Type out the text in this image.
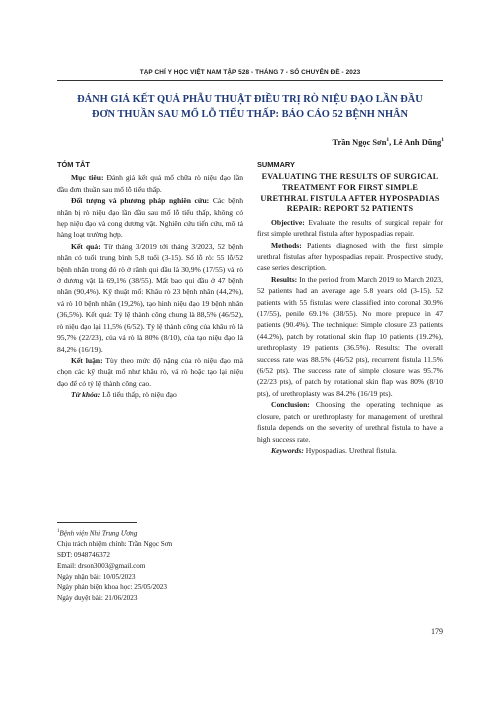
TẠP CHÍ Y HỌC VIỆT NAM TẬP 528 - THÁNG 7 - SỐ CHUYÊN ĐỀ - 2023
ĐÁNH GIÁ KẾT QUẢ PHẪU THUẬT ĐIỀU TRỊ RÒ NIỆU ĐẠO LẦN ĐẦU
ĐƠN THUẦN SAU MỔ LỖ TIỂU THẤP: BÁO CÁO 52 BỆNH NHÂN
Trần Ngọc Sơn$^1$, Lê Anh Dũng$^1$
TÓM TẮT

Mục tiêu: Đánh giá kết quả mổ chữa rò niệu đạo lần đầu đơn thuần sau mổ lỗ tiểu thấp.

Đối tượng và phương pháp nghiên cứu: Các bệnh nhân bị rò niệu đạo lần đầu sau mổ lỗ tiểu thấp, không có hẹp niệu đạo và cong dương vật. Nghiên cứu tiến cứu, mô tả hàng loạt trường hợp.

Kết quả: Từ tháng 3/2019 tới tháng 3/2023, 52 bệnh nhân có tuổi trung bình 5,8 tuổi (3-15). Số lỗ rò: 55 lỗ/52 bệnh nhân trong đó rò ở rãnh qui đầu là 30,9% (17/55) và rò ở dương vật là 69,1% (38/55). Mất bao qui đầu ở 47 bệnh nhân (90,4%). Kỹ thuật mổ: Khâu rò 23 bệnh nhân (44,2%), vá rò 10 bệnh nhân (19,2%), tạo hình niệu đạo 19 bệnh nhân (36,5%). Kết quả: Tỷ lệ thành công chung là 88,5% (46/52), rò niệu đạo lại 11,5% (6/52). Tỷ lệ thành công của khâu rò là 95,7% (22/23), của vá rò là 80% (8/10), của tạo niệu đạo là 84,2% (16/19).

Kết luận: Tùy theo mức độ nặng của rò niệu đạo mà chọn các kỹ thuật mổ như khâu rò, vá rò hoặc tạo lại niệu đạo để có tỷ lệ thành công cao.

Từ khóa: Lỗ tiểu thấp, rò niệu đạo

SUMMARY
EVALUATING THE RESULTS OF SURGICAL TREATMENT FOR FIRST SIMPLE URETHRAL FISTULA AFTER HYPOSPADIAS REPAIR: REPORT 52 PATIENTS

Objective: Evaluate the results of surgical repair for first simple urethral fistula after hypospadias repair.

Methods: Patients diagnosed with the first simple urethral fistulas after hypospadias repair. Prospective study, case series description.

Results: In the period from March 2019 to March 2023, 52 patients had an average age 5.8 years old (3-15). 52 patients with 55 fistulas were classified into coronal 30.9% (17/55), penile 69.1% (38/55). No more prepuce in 47 patients (90.4%). The technique: Simple closure 23 patients (44.2%), patch by rotational skin flap 10 patients (19.2%), urethroplasty 19 patients (36.5%). Results: The overall success rate was 88.5% (46/52 pts), recurrent fistula 11.5% (6/52 pts). The success rate of simple closure was 95.7% (22/23 pts), of patch by rotational skin flap was 80% (8/10 pts), of urethroplasty was 84.2% (16/19 pts).

Conclusion: Choosing the operating technique as closure, patch or urethroplasty for management of urethral fistula depends on the severity of urethral fistula to have a high success rate.

Keywords: Hypospadias. Urethral fistula.

$^1$Bệnh viện Nhi Trung Ương
Chịu trách nhiệm chính: Trần Ngọc Sơn
SĐT: 0948746372
Email: drson3003@gmail.com
Ngày nhận bài: 10/05/2023
Ngày phản biện khoa học: 25/05/2023
Ngày duyệt bài: 21/06/2023
179
